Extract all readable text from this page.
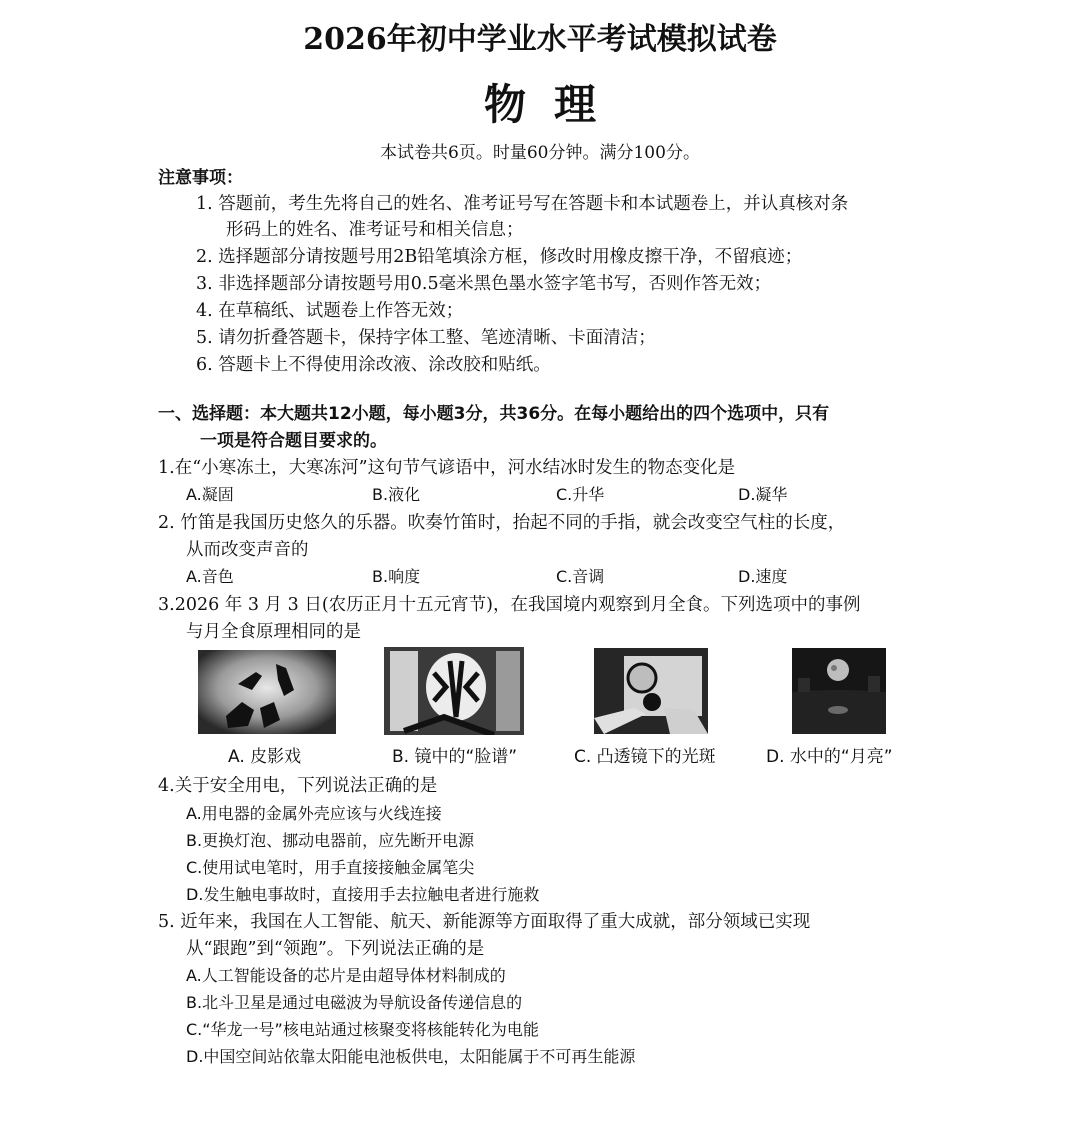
2026年初中学业水平考试模拟试卷
物理
本试卷共6页。时量60分钟。满分100分。
注意事项：
1. 答题前，考生先将自己的姓名、准考证号写在答题卡和本试题卷上，并认真核对条
形码上的姓名、准考证号和相关信息；
2. 选择题部分请按题号用2B铅笔填涂方框，修改时用橡皮擦干净，不留痕迹；
3. 非选择题部分请按题号用0.5毫米黑色墨水签字笔书写，否则作答无效；
4. 在草稿纸、试题卷上作答无效；
5. 请勿折叠答题卡，保持字体工整、笔迹清晰、卡面清洁；
6. 答题卡上不得使用涂改液、涂改胶和贴纸。
一、选择题：本大题共12小题，每小题3分，共36分。在每小题给出的四个选项中，只有
一项是符合题目要求的。
1.在“小寒冻土，大寒冻河”这句节气谚语中，河水结冰时发生的物态变化是
A.凝固	B.液化	C.升华	D.凝华
2. 竹笛是我国历史悠久的乐器。吹奏竹笛时，抬起不同的手指，就会改变空气柱的长度，
从而改变声音的
A.音色	B.响度	C.音调	D.速度
3.2026 年 3 月 3 日(农历正月十五元宵节)，在我国境内观察到月全食。下列选项中的事例
与月全食原理相同的是
A. 皮影戏	B. 镜中的“脸谱”	C. 凸透镜下的光斑	D. 水中的“月亮”
4.关于安全用电，下列说法正确的是
A.用电器的金属外壳应该与火线连接
B.更换灯泡、挪动电器前，应先断开电源
C.使用试电笔时，用手直接接触金属笔尖
D.发生触电事故时，直接用手去拉触电者进行施救
5. 近年来，我国在人工智能、航天、新能源等方面取得了重大成就，部分领域已实现
从“跟跑”到“领跑”。下列说法正确的是
A.人工智能设备的芯片是由超导体材料制成的
B.北斗卫星是通过电磁波为导航设备传递信息的
C.“华龙一号”核电站通过核聚变将核能转化为电能
D.中国空间站依靠太阳能电池板供电，太阳能属于不可再生能源
